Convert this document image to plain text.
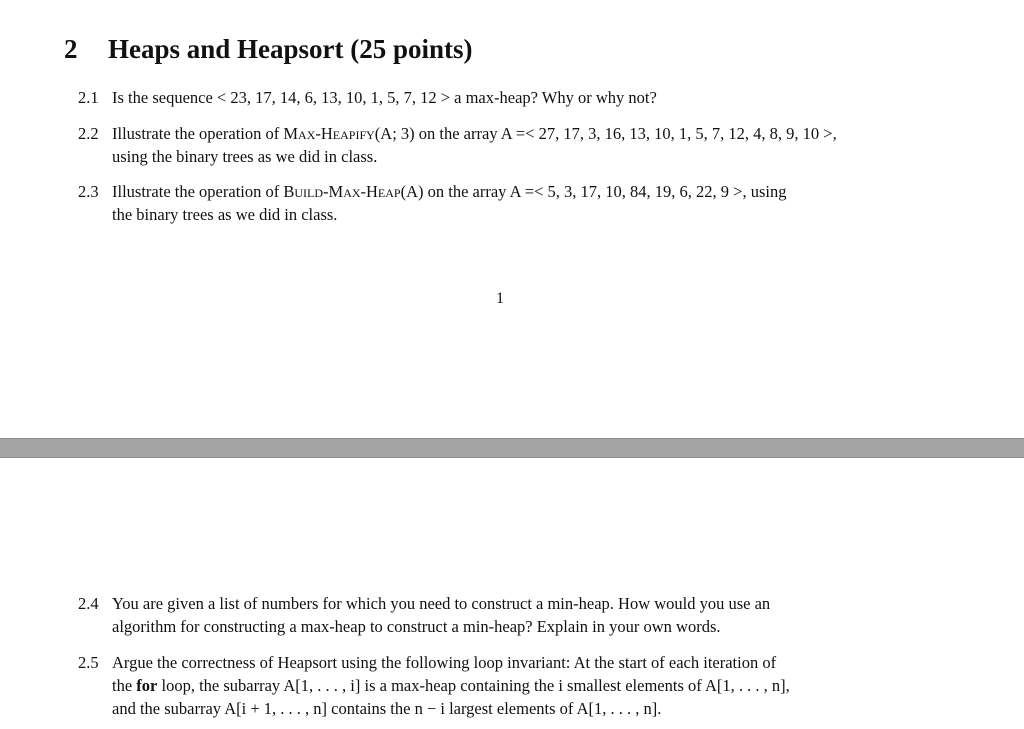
2 Heaps and Heapsort (25 points)
2.1 Is the sequence < 23, 17, 14, 6, 13, 10, 1, 5, 7, 12 > a max-heap? Why or why not?
2.2 Illustrate the operation of Max-Heapify(A; 3) on the array A =< 27, 17, 3, 16, 13, 10, 1, 5, 7, 12, 4, 8, 9, 10 >,
using the binary trees as we did in class.
2.3 Illustrate the operation of Build-Max-Heap(A) on the array A =< 5, 3, 17, 10, 84, 19, 6, 22, 9 >, using
the binary trees as we did in class.
1
2.4 You are given a list of numbers for which you need to construct a min-heap. How would you use an
algorithm for constructing a max-heap to construct a min-heap? Explain in your own words.
2.5 Argue the correctness of Heapsort using the following loop invariant: At the start of each iteration of
the for loop, the subarray A[1, . . . , i] is a max-heap containing the i smallest elements of A[1, . . . , n],
and the subarray A[i + 1, . . . , n] contains the n − i largest elements of A[1, . . . , n].
